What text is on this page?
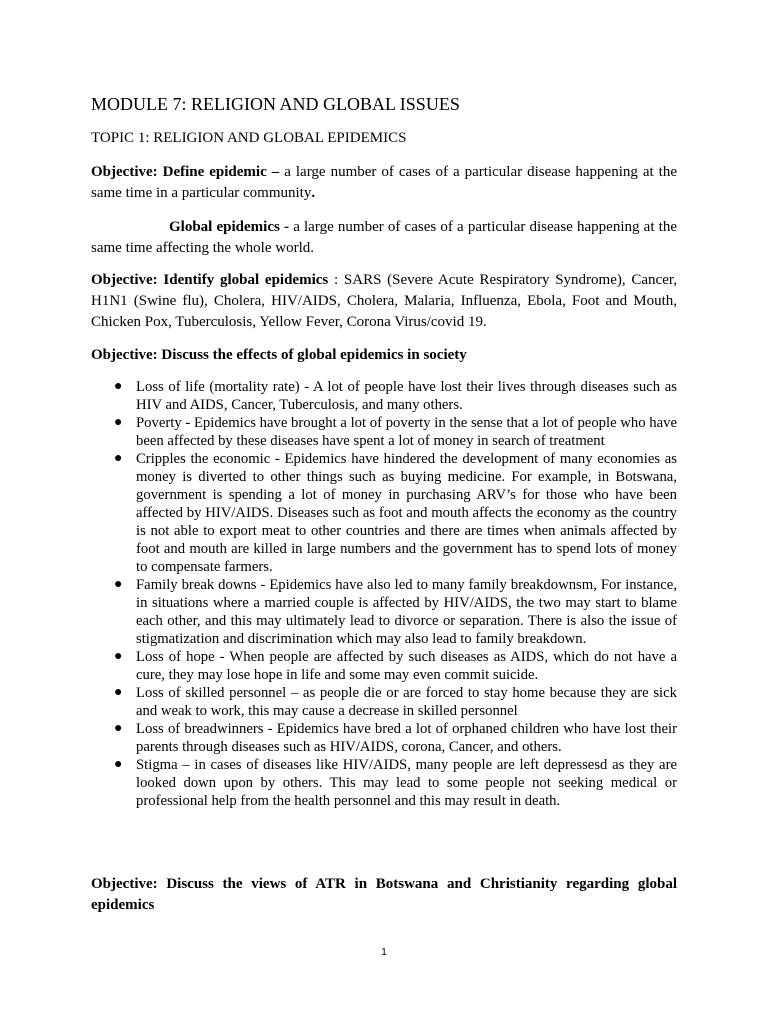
MODULE 7: RELIGION AND GLOBAL ISSUES
TOPIC 1: RELIGION AND GLOBAL EPIDEMICS

Objective: Define epidemic – a large number of cases of a particular disease happening at the same time in a particular community.

Global epidemics - a large number of cases of a particular disease happening at the same time affecting the whole world.

Objective: Identify global epidemics : SARS (Severe Acute Respiratory Syndrome), Cancer, H1N1 (Swine flu), Cholera, HIV/AIDS, Cholera, Malaria, Influenza, Ebola, Foot and Mouth, Chicken Pox, Tuberculosis, Yellow Fever, Corona Virus/covid 19.

Objective: Discuss the effects of global epidemics in society

● Loss of life (mortality rate) - A lot of people have lost their lives through diseases such as HIV and AIDS, Cancer, Tuberculosis, and many others.
● Poverty - Epidemics have brought a lot of poverty in the sense that a lot of people who have been affected by these diseases have spent a lot of money in search of treatment
● Cripples the economic - Epidemics have hindered the development of many economies as money is diverted to other things such as buying medicine. For example, in Botswana, government is spending a lot of money in purchasing ARV’s for those who have been affected by HIV/AIDS. Diseases such as foot and mouth affects the economy as the country is not able to export meat to other countries and there are times when animals affected by foot and mouth are killed in large numbers and the government has to spend lots of money to compensate farmers.
● Family break downs - Epidemics have also led to many family breakdownsm, For instance, in situations where a married couple is affected by HIV/AIDS, the two may start to blame each other, and this may ultimately lead to divorce or separation. There is also the issue of stigmatization and discrimination which may also lead to family breakdown.
● Loss of hope - When people are affected by such diseases as AIDS, which do not have a cure, they may lose hope in life and some may even commit suicide.
● Loss of skilled personnel – as people die or are forced to stay home because they are sick and weak to work, this may cause a decrease in skilled personnel
● Loss of breadwinners - Epidemics have bred a lot of orphaned children who have lost their parents through diseases such as HIV/AIDS, corona, Cancer, and others.
● Stigma – in cases of diseases like HIV/AIDS, many people are left depressesd as they are looked down upon by others. This may lead to some people not seeking medical or professional help from the health personnel and this may result in death.

Objective: Discuss the views of ATR in Botswana and Christianity regarding global epidemics

1
